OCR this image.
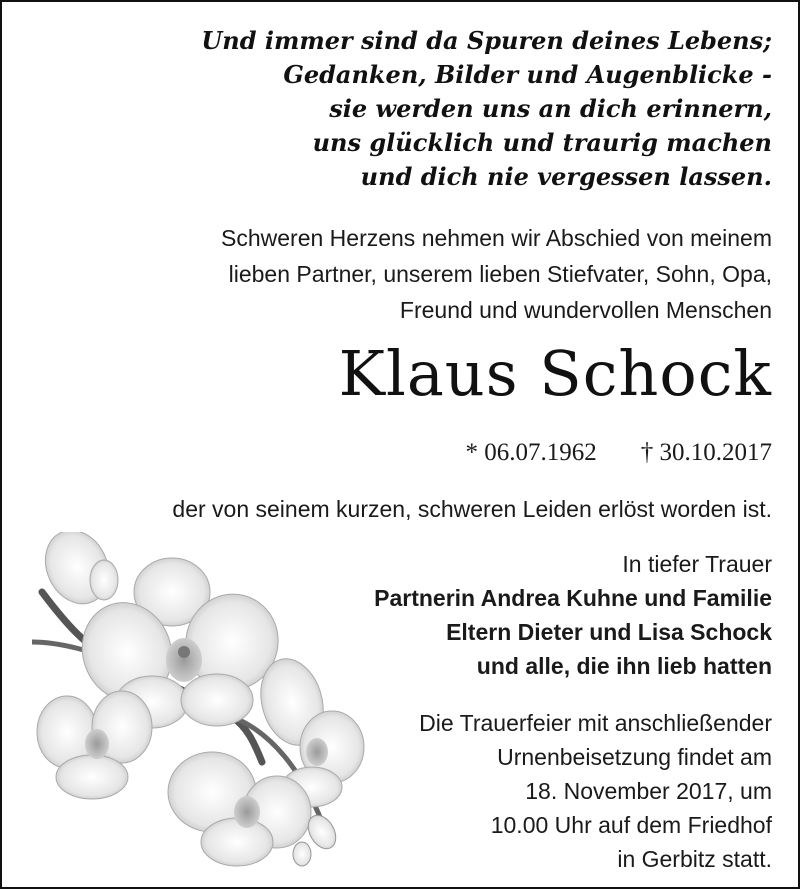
Und immer sind da Spuren deines Lebens;
Gedanken, Bilder und Augenblicke -
sie werden uns an dich erinnern,
uns glücklich und traurig machen
und dich nie vergessen lassen.
Schweren Herzens nehmen wir Abschied von meinem
lieben Partner, unserem lieben Stiefvater, Sohn, Opa,
Freund und wundervollen Menschen
Klaus Schock
* 06.07.1962 † 30.10.2017
der von seinem kurzen, schweren Leiden erlöst worden ist.
In tiefer Trauer
Partnerin Andrea Kuhne und Familie
Eltern Dieter und Lisa Schock
und alle, die ihn lieb hatten
Die Trauerfeier mit anschließender
Urnenbeisetzung findet am
18. November 2017, um
10.00 Uhr auf dem Friedhof
in Gerbitz statt.
